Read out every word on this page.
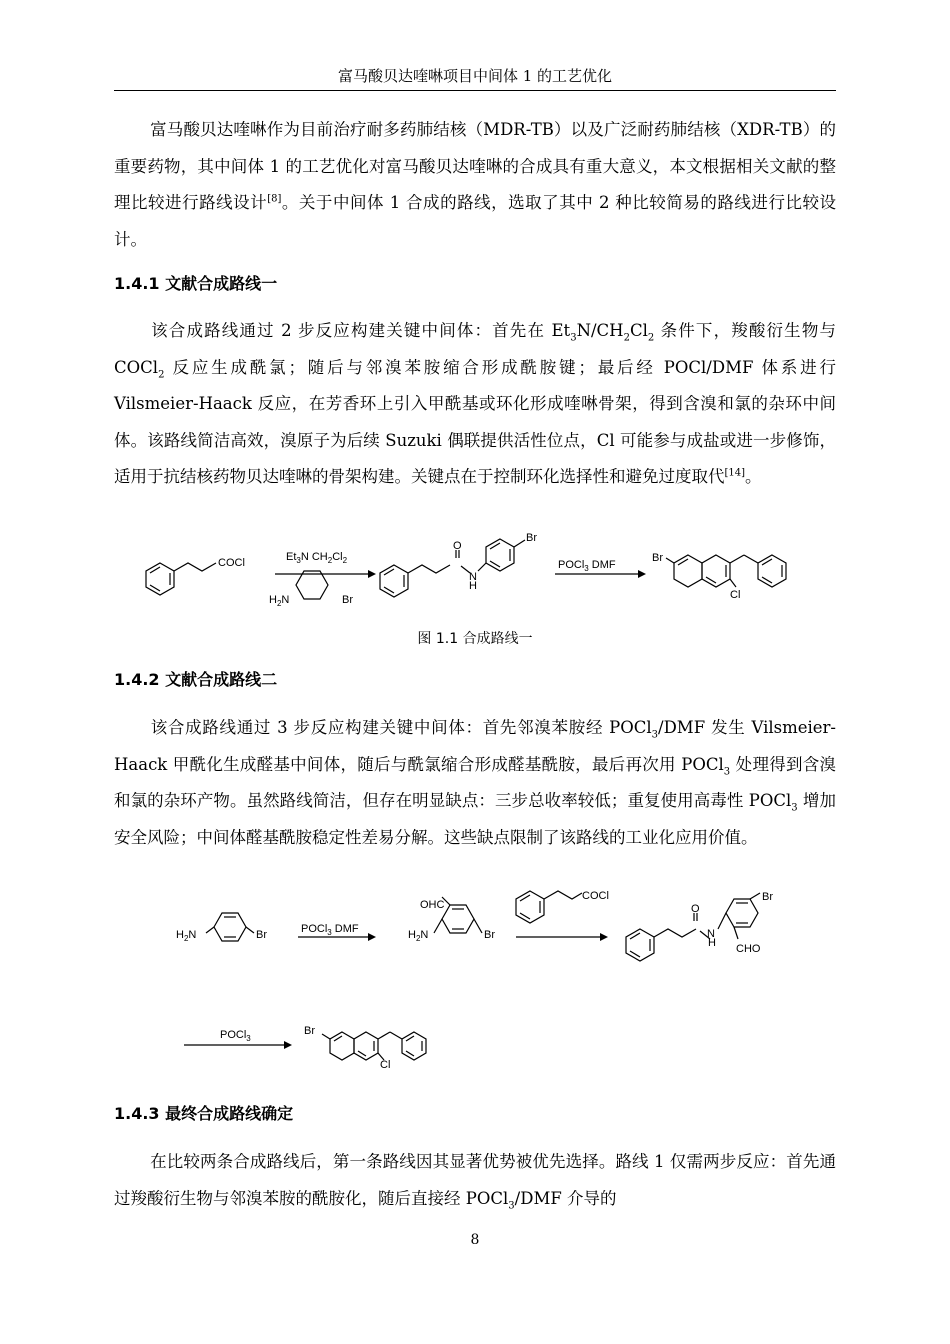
富马酸贝达喹啉项目中间体 1 的工艺优化

富马酸贝达喹啉作为目前治疗耐多药肺结核（MDR-TB）以及广泛耐药肺结核（XDR-TB）的重要药物，其中间体 1 的工艺优化对富马酸贝达喹啉的合成具有重大意义，本文根据相关文献的整理比较进行路线设计[8]。关于中间体 1 合成的路线，选取了其中 2 种比较简易的路线进行比较设计。

1.4.1 文献合成路线一

该合成路线通过 2 步反应构建关键中间体：首先在 $Et_3N/CH_2Cl_2$ 条件下，羧酸衍生物与 COCl$_2$ 反应生成酰氯；随后与邻溴苯胺缩合形成酰胺键；最后经 POCl/DMF 体系进行 Vilsmeier-Haack 反应，在芳香环上引入甲酰基或环化形成喹啉骨架，得到含溴和氯的杂环中间体。该路线简洁高效，溴原子为后续 Suzuki 偶联提供活性位点，Cl 可能参与成盐或进一步修饰，适用于抗结核药物贝达喹啉的骨架构建。关键点在于控制环化选择性和避免过度取代[14]。

COCl	$Et_3N$ $CH_2Cl_2$
$H_2N$	Br
O
N
H
Br
POCl$_3$ DMF
Br
Cl
图 1.1 合成路线一
1.4.2 文献合成路线二

该合成路线通过 3 步反应构建关键中间体：首先邻溴苯胺经 POCl$_3$/DMF 发生 Vilsmeier-Haack 甲酰化生成醛基中间体，随后与酰氯缩合形成醛基酰胺，最后再次用 POCl$_3$ 处理得到含溴和氯的杂环产物。虽然路线简洁，但存在明显缺点：三步总收率较低；重复使用高毒性 POCl$_3$ 增加安全风险；中间体醛基酰胺稳定性差易分解。这些缺点限制了该路线的工业化应用价值。

$H_2N$	Br	POCl$_3$ DMF
OHC
$H_2N$	Br
COCl
O
N
H
Br
CHO
POCl$_3$
Br
Cl
1.4.3 最终合成路线确定

在比较两条合成路线后，第一条路线因其显著优势被优先选择。路线 1 仅需两步反应：首先通过羧酸衍生物与邻溴苯胺的酰胺化，随后直接经 POCl$_3$/DMF 介导的

8
